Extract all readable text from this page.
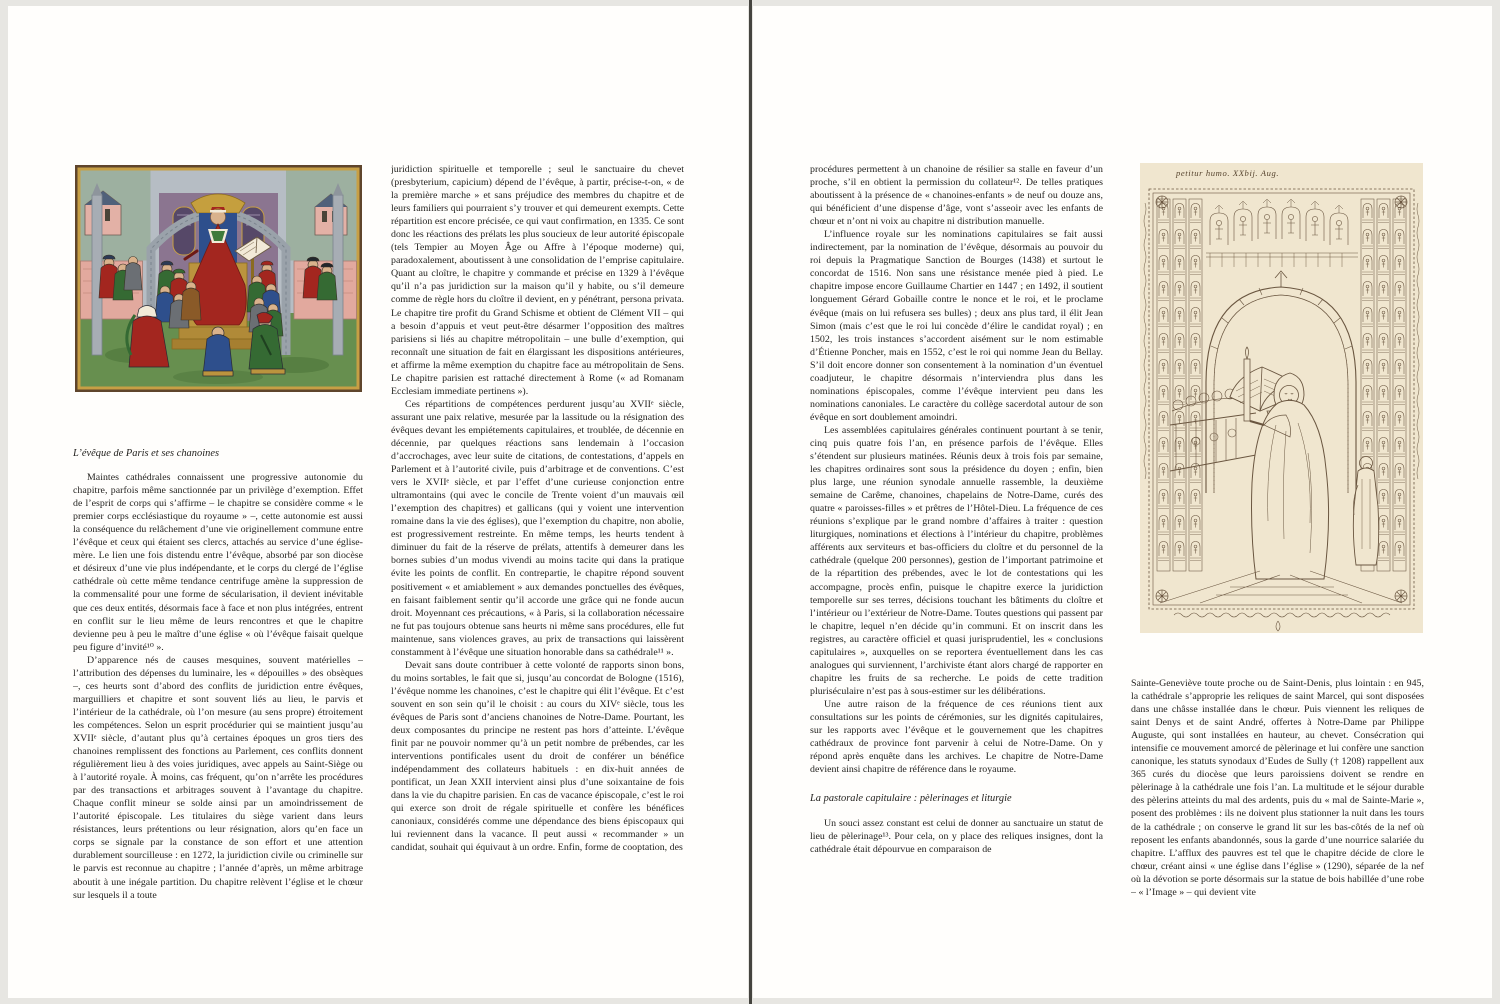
L’évêque de Paris et ses chanoines

Maintes cathédrales connaissent une progressive autonomie du chapitre, parfois même sanctionnée par un privilège d’exemption. Effet de l’esprit de corps qui s’affirme – le chapitre se considère comme « le premier corps ecclésiastique du royaume » –, cette autonomie est aussi la conséquence du relâchement d’une vie originellement commune entre l’évêque et ceux qui étaient ses clercs, attachés au service d’une église-mère. Le lien une fois distendu entre l’évêque, absorbé par son diocèse et désireux d’une vie plus indépendante, et le corps du clergé de l’église cathédrale où cette même tendance centrifuge amène la suppression de la commensalité pour une forme de sécularisation, il devient inévitable que ces deux entités, désormais face à face et non plus intégrées, entrent en conflit sur le lieu même de leurs rencontres et que le chapitre devienne peu à peu le maître d’une église « où l’évêque faisait quelque peu figure d’invité¹⁰ ».

D’apparence nés de causes mesquines, souvent matérielles – l’attribution des dépenses du luminaire, les « dépouilles » des obsèques –, ces heurts sont d’abord des conflits de juridiction entre évêques, marguilliers et chapitre et sont souvent liés au lieu, le parvis et l’intérieur de la cathédrale, où l’on mesure (au sens propre) étroitement les compétences. Selon un esprit procédurier qui se maintient jusqu’au XVIIᵉ siècle, d’autant plus qu’à certaines époques un gros tiers des chanoines remplissent des fonctions au Parlement, ces conflits donnent régulièrement lieu à des voies juridiques, avec appels au Saint-Siège ou à l’autorité royale. À moins, cas fréquent, qu’on n’arrête les procédures par des transactions et arbitrages souvent à l’avantage du chapitre. Chaque conflit mineur se solde ainsi par un amoindrissement de l’autorité épiscopale. Les titulaires du siège varient dans leurs résistances, leurs prétentions ou leur résignation, alors qu’en face un corps se signale par la constance de son effort et une attention durablement sourcilleuse : en 1272, la juridiction civile ou criminelle sur le parvis est reconnue au chapitre ; l’année d’après, un même arbitrage aboutit à une inégale partition. Du chapitre relèvent l’église et le chœur sur lesquels il a toute

juridiction spirituelle et temporelle ; seul le sanctuaire du chevet (presbyterium, capicium) dépend de l’évêque, à partir, précise-t-on, « de la première marche » et sans préjudice des membres du chapitre et de leurs familiers qui pourraient s’y trouver et qui demeurent exempts. Cette répartition est encore précisée, ce qui vaut confirmation, en 1335. Ce sont donc les réactions des prélats les plus soucieux de leur autorité épiscopale (tels Tempier au Moyen Âge ou Affre à l’époque moderne) qui, paradoxalement, aboutissent à une consolidation de l’emprise capitulaire. Quant au cloître, le chapitre y commande et précise en 1329 à l’évêque qu’il n’a pas juridiction sur la maison qu’il y habite, ou s’il demeure comme de règle hors du cloître il devient, en y pénétrant, persona privata. Le chapitre tire profit du Grand Schisme et obtient de Clément VII – qui a besoin d’appuis et veut peut-être désarmer l’opposition des maîtres parisiens si liés au chapitre métropolitain – une bulle d’exemption, qui reconnaît une situation de fait en élargissant les dispositions antérieures, et affirme la même exemption du chapitre face au métropolitain de Sens. Le chapitre parisien est rattaché directement à Rome (« ad Romanam Ecclesiam immediate pertinens »).

Ces répartitions de compétences perdurent jusqu’au XVIIᵉ siècle, assurant une paix relative, mesurée par la lassitude ou la résignation des évêques devant les empiétements capitulaires, et troublée, de décennie en décennie, par quelques réactions sans lendemain à l’occasion d’accrochages, avec leur suite de citations, de contestations, d’appels en Parlement et à l’autorité civile, puis d’arbitrage et de conventions. C’est vers le XVIIᵉ siècle, et par l’effet d’une curieuse conjonction entre ultramontains (qui avec le concile de Trente voient d’un mauvais œil l’exemption des chapitres) et gallicans (qui y voient une intervention romaine dans la vie des églises), que l’exemption du chapitre, non abolie, est progressivement restreinte. En même temps, les heurts tendent à diminuer du fait de la réserve de prélats, attentifs à demeurer dans les bornes subies d’un modus vivendi au moins tacite qui dans la pratique évite les points de conflit. En contrepartie, le chapitre répond souvent positivement « et amiablement » aux demandes ponctuelles des évêques, en faisant faiblement sentir qu’il accorde une grâce qui ne fonde aucun droit. Moyennant ces précautions, « à Paris, si la collaboration nécessaire ne fut pas toujours obtenue sans heurts ni même sans procédures, elle fut maintenue, sans violences graves, au prix de transactions qui laissèrent constamment à l’évêque une situation honorable dans sa cathédrale¹¹ ».

Devait sans doute contribuer à cette volonté de rapports sinon bons, du moins sortables, le fait que si, jusqu’au concordat de Bologne (1516), l’évêque nomme les chanoines, c’est le chapitre qui élit l’évêque. Et c’est souvent en son sein qu’il le choisit : au cours du XIVᵉ siècle, tous les évêques de Paris sont d’anciens chanoines de Notre-Dame. Pourtant, les deux composantes du principe ne restent pas hors d’atteinte. L’évêque finit par ne pouvoir nommer qu’à un petit nombre de prébendes, car les interventions pontificales usent du droit de conférer un bénéfice indépendamment des collateurs habituels : en dix-huit années de pontificat, un Jean XXII intervient ainsi plus d’une soixantaine de fois dans la vie du chapitre parisien. En cas de vacance épiscopale, c’est le roi qui exerce son droit de régale spirituelle et confère les bénéfices canoniaux, considérés comme une dépendance des biens épiscopaux qui lui reviennent dans la vacance. Il peut aussi « recommander » un candidat, souhait qui équivaut à un ordre. Enfin, forme de cooptation, des

procédures permettent à un chanoine de résilier sa stalle en faveur d’un proche, s’il en obtient la permission du collateur¹². De telles pratiques aboutissent à la présence de « chanoines-enfants » de neuf ou douze ans, qui bénéficient d’une dispense d’âge, vont s’asseoir avec les enfants de chœur et n’ont ni voix au chapitre ni distribution manuelle.

L’influence royale sur les nominations capitulaires se fait aussi indirectement, par la nomination de l’évêque, désormais au pouvoir du roi depuis la Pragmatique Sanction de Bourges (1438) et surtout le concordat de 1516. Non sans une résistance menée pied à pied. Le chapitre impose encore Guillaume Chartier en 1447 ; en 1492, il soutient longuement Gérard Gobaille contre le nonce et le roi, et le proclame évêque (mais on lui refusera ses bulles) ; deux ans plus tard, il élit Jean Simon (mais c’est que le roi lui concède d’élire le candidat royal) ; en 1502, les trois instances s’accordent aisément sur le nom estimable d’Étienne Poncher, mais en 1552, c’est le roi qui nomme Jean du Bellay. S’il doit encore donner son consentement à la nomination d’un éventuel coadjuteur, le chapitre désormais n’interviendra plus dans les nominations épiscopales, comme l’évêque intervient peu dans les nominations canoniales. Le caractère du collège sacerdotal autour de son évêque en sort doublement amoindri.

Les assemblées capitulaires générales continuent pourtant à se tenir, cinq puis quatre fois l’an, en présence parfois de l’évêque. Elles s’étendent sur plusieurs matinées. Réunis deux à trois fois par semaine, les chapitres ordinaires sont sous la présidence du doyen ; enfin, bien plus large, une réunion synodale annuelle rassemble, la deuxième semaine de Carême, chanoines, chapelains de Notre-Dame, curés des quatre « paroisses-filles » et prêtres de l’Hôtel-Dieu. La fréquence de ces réunions s’explique par le grand nombre d’affaires à traiter : question liturgiques, nominations et élections à l’intérieur du chapitre, problèmes afférents aux serviteurs et bas-officiers du cloître et du personnel de la cathédrale (quelque 200 personnes), gestion de l’important patrimoine et de la répartition des prébendes, avec le lot de contestations qui les accompagne, procès enfin, puisque le chapitre exerce la juridiction temporelle sur ses terres, décisions touchant les bâtiments du cloître et l’intérieur ou l’extérieur de Notre-Dame. Toutes questions qui passent par le chapitre, lequel n’en décide qu’in communi. Et on inscrit dans les registres, au caractère officiel et quasi jurisprudentiel, les « conclusions capitulaires », auxquelles on se reportera éventuellement dans les cas analogues qui surviennent, l’archiviste étant alors chargé de rapporter en chapitre les fruits de sa recherche. Le poids de cette tradition pluriséculaire n’est pas à sous-estimer sur les délibérations.

Une autre raison de la fréquence de ces réunions tient aux consultations sur les points de cérémonies, sur les dignités capitulaires, sur les rapports avec l’évêque et le gouvernement que les chapitres cathédraux de province font parvenir à celui de Notre-Dame. On y répond après enquête dans les archives. Le chapitre de Notre-Dame devient ainsi chapitre de référence dans le royaume.

La pastorale capitulaire : pèlerinages et liturgie

Un souci assez constant est celui de donner au sanctuaire un statut de lieu de pèlerinage¹³. Pour cela, on y place des reliques insignes, dont la cathédrale était dépourvue en comparaison de

petitur humo. XXbij. Aug.

Sainte-Geneviève toute proche ou de Saint-Denis, plus lointain : en 945, la cathédrale s’approprie les reliques de saint Marcel, qui sont disposées dans une châsse installée dans le chœur. Puis viennent les reliques de saint Denys et de saint André, offertes à Notre-Dame par Philippe Auguste, qui sont installées en hauteur, au chevet. Consécration qui intensifie ce mouvement amorcé de pèlerinage et lui confère une sanction canonique, les statuts synodaux d’Eudes de Sully († 1208) rappellent aux 365 curés du diocèse que leurs paroissiens doivent se rendre en pèlerinage à la cathédrale une fois l’an. La multitude et le séjour durable des pèlerins atteints du mal des ardents, puis du « mal de Sainte-Marie », posent des problèmes : ils ne doivent plus stationner la nuit dans les tours de la cathédrale ; on conserve le grand lit sur les bas-côtés de la nef où reposent les enfants abandonnés, sous la garde d’une nourrice salariée du chapitre. L’afflux des pauvres est tel que le chapitre décide de clore le chœur, créant ainsi « une église dans l’église » (1290), séparée de la nef où la dévotion se porte désormais sur la statue de bois habillée d’une robe – « l’Image » – qui devient vite
